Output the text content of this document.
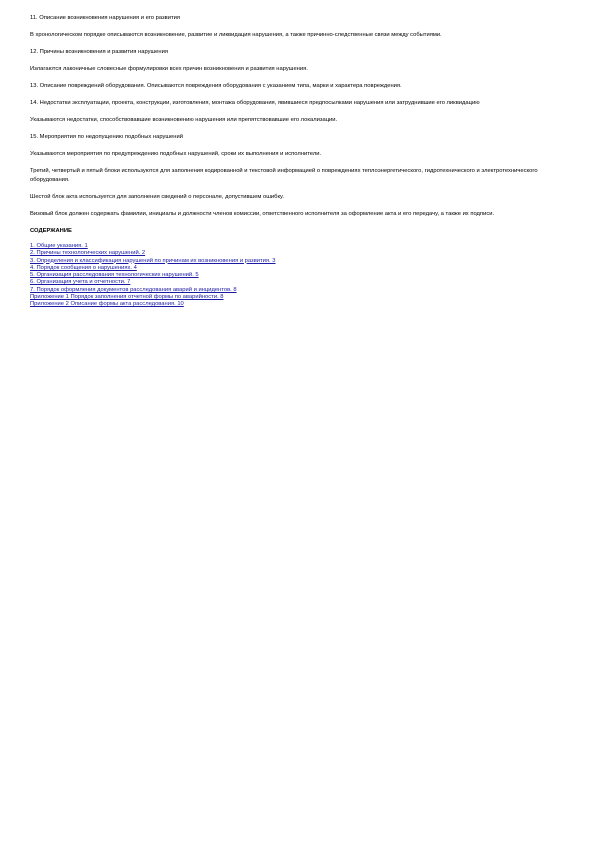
11. Описание возникновения нарушения и его развития

В хронологическом порядке описываются возникновение, развитие и ликвидация нарушения, а также причинно-следственные связи между событиями.

12. Причины возникновения и развития нарушения

Излагаются лаконичные словесные формулировки всех причин возникновения и развития нарушения.

13. Описание повреждений оборудования. Описываются повреждения оборудования с указанием типа, марки и характера повреждения.

14. Недостатки эксплуатации, проекта, конструкции, изготовления, монтажа оборудования, явившиеся предпосылками нарушения или затруднившие его ликвидацию

Указываются недостатки, способствовавшие возникновению нарушения или препятствовавшие его локализации.

15. Мероприятия по недопущению подобных нарушений

Указываются мероприятия по предупреждению подобных нарушений, сроки их выполнения и исполнители.

Третий, четвертый и пятый блоки используются для заполнения кодированной и текстовой информацией о повреждениях теплоэнергетического, гидротехнического и электротехнического оборудования.

Шестой блок акта используется для заполнения сведений о персонале, допустившем ошибку.

Визовый блок должен содержать фамилии, инициалы и должности членов комиссии, ответственного исполнителя за оформление акта и его передачу, а также их подписи.

СОДЕРЖАНИЕ

1. Общие указания. 1
2. Причины технологических нарушений. 2
3. Определения и классификация нарушений по причинам их возникновения и развития. 3
4. Порядок сообщения о нарушениях. 4
5. Организация расследования технологических нарушений. 5
6. Организация учета и отчетности. 7
7. Порядок оформления документов расследования аварий и инцидентов. 8
Приложение 1 Порядок заполнения отчетной формы по аварийности. 8
Приложение 2 Описание формы акта расследования. 10
